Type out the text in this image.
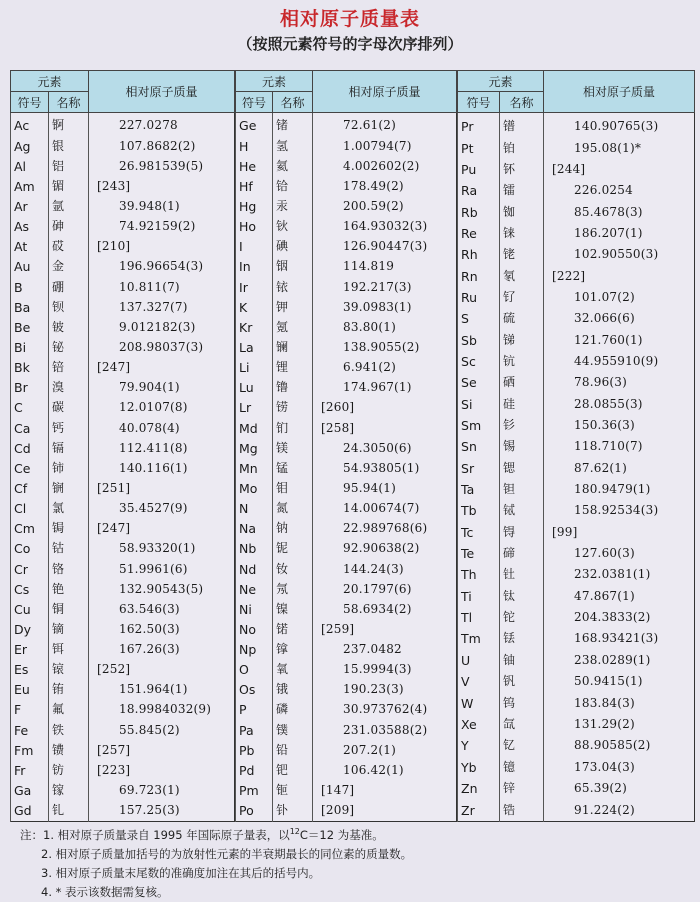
相对原子质量表
（按照元素符号的字母次序排列）
元素		相对原子质量
符号	名称	
Ac	锕	227.0278
Ag	银	107.8682(2)
Al	铝	26.981539(5)
Am	镅	[243]
Ar	氩	39.948(1)
As	砷	74.92159(2)
At	砹	[210]
Au	金	196.96654(3)
B	硼	10.811(7)
Ba	钡	137.327(7)
Be	铍	9.012182(3)
Bi	铋	208.98037(3)
Bk	锫	[247]
Br	溴	79.904(1)
C	碳	12.0107(8)
Ca	钙	40.078(4)
Cd	镉	112.411(8)
Ce	铈	140.116(1)
Cf	锎	[251]
Cl	氯	35.4527(9)
Cm	锔	[247]
Co	钴	58.93320(1)
Cr	铬	51.9961(6)
Cs	铯	132.90543(5)
Cu	铜	63.546(3)
Dy	镝	162.50(3)
Er	铒	167.26(3)
Es	锿	[252]
Eu	铕	151.964(1)
F	氟	18.9984032(9)
Fe	铁	55.845(2)
Fm	镄	[257]
Fr	钫	[223]
Ga	镓	69.723(1)
Gd	钆	157.25(3)
元素		相对原子质量
符号	名称	
Ge	锗	72.61(2)
H	氢	1.00794(7)
He	氦	4.002602(2)
Hf	铪	178.49(2)
Hg	汞	200.59(2)
Ho	钬	164.93032(3)
I	碘	126.90447(3)
In	铟	114.819
Ir	铱	192.217(3)
K	钾	39.0983(1)
Kr	氪	83.80(1)
La	镧	138.9055(2)
Li	锂	6.941(2)
Lu	镥	174.967(1)
Lr	铹	[260]
Md	钔	[258]
Mg	镁	24.3050(6)
Mn	锰	54.93805(1)
Mo	钼	95.94(1)
N	氮	14.00674(7)
Na	钠	22.989768(6)
Nb	铌	92.90638(2)
Nd	钕	144.24(3)
Ne	氖	20.1797(6)
Ni	镍	58.6934(2)
No	锘	[259]
Np	镎	237.0482
O	氧	15.9994(3)
Os	锇	190.23(3)
P	磷	30.973762(4)
Pa	镤	231.03588(2)
Pb	铅	207.2(1)
Pd	钯	106.42(1)
Pm	钷	[147]
Po	钋	[209]
元素		相对原子质量
符号	名称	
Pr	镨	140.90765(3)
Pt	铂	195.08(1)*
Pu	钚	[244]
Ra	镭	226.0254
Rb	铷	85.4678(3)
Re	铼	186.207(1)
Rh	铑	102.90550(3)
Rn	氡	[222]
Ru	钌	101.07(2)
S	硫	32.066(6)
Sb	锑	121.760(1)
Sc	钪	44.955910(9)
Se	硒	78.96(3)
Si	硅	28.0855(3)
Sm	钐	150.36(3)
Sn	锡	118.710(7)
Sr	锶	87.62(1)
Ta	钽	180.9479(1)
Tb	铽	158.92534(3)
Tc	锝	[99]
Te	碲	127.60(3)
Th	钍	232.0381(1)
Ti	钛	47.867(1)
Tl	铊	204.3833(2)
Tm	铥	168.93421(3)
U	铀	238.0289(1)
V	钒	50.9415(1)
W	钨	183.84(3)
Xe	氙	131.29(2)
Y	钇	88.90585(2)
Yb	镱	173.04(3)
Zn	锌	65.39(2)
Zr	锆	91.224(2)
注：1. 相对原子质量录自 1995 年国际原子量表，以$^{12}$C＝12 为基准。
2. 相对原子质量加括号的为放射性元素的半衰期最长的同位素的质量数。
3. 相对原子质量末尾数的准确度加注在其后的括号内。
4. * 表示该数据需复核。
